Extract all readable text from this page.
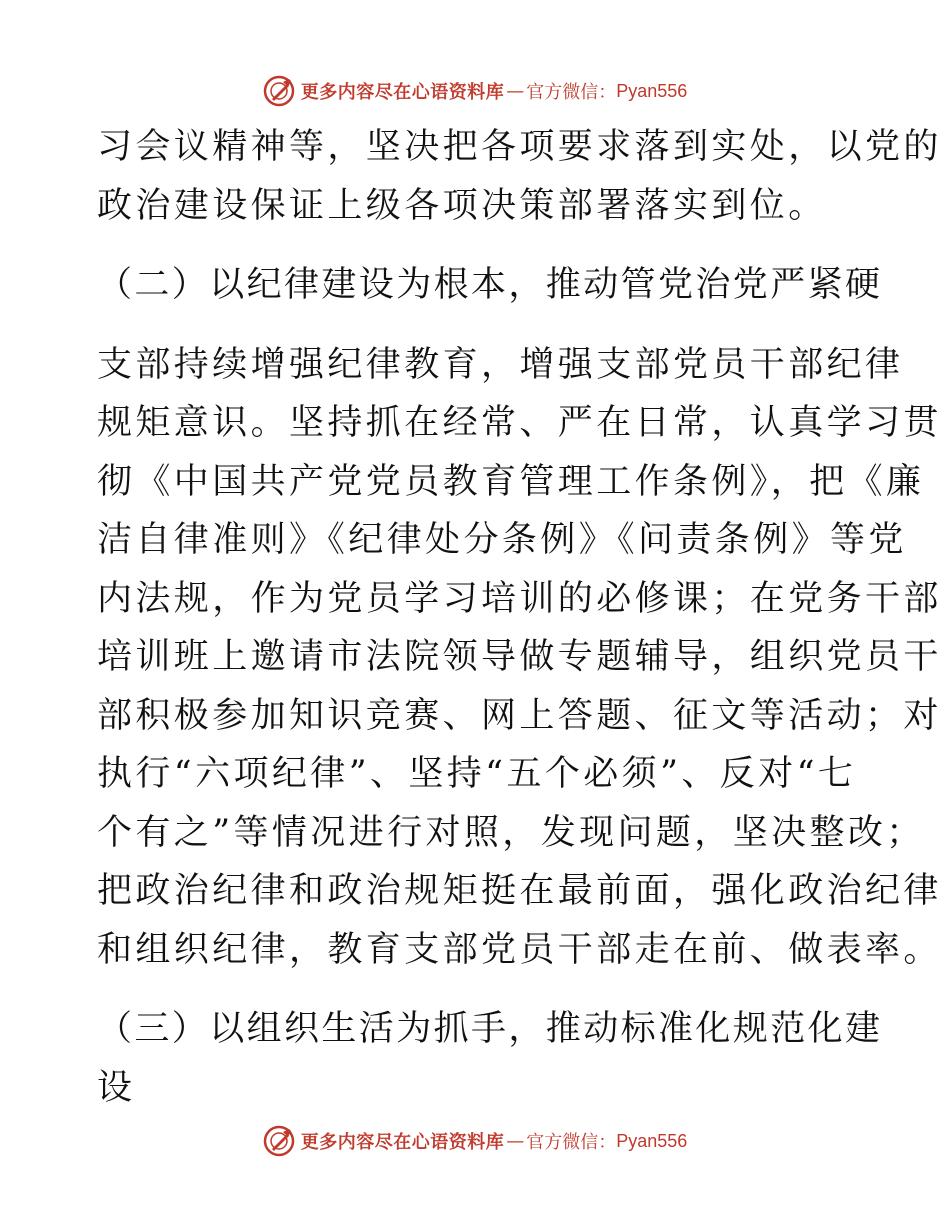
更多内容尽在心语资料库 — 官方微信： Pyan556
习会议精神等，坚决把各项要求落到实处，以党的
政治建设保证上级各项决策部署落实到位。
（二）以纪律建设为根本，推动管党治党严紧硬
支部持续增强纪律教育，增强支部党员干部纪律
规矩意识。坚持抓在经常、严在日常，认真学习贯
彻《中国共产党党员教育管理工作条例》，把《廉
洁自律准则》《纪律处分条例》《问责条例》等党
内法规，作为党员学习培训的必修课；在党务干部
培训班上邀请市法院领导做专题辅导，组织党员干
部积极参加知识竞赛、网上答题、征文等活动；对
执行“六项纪律”、坚持“五个必须”、反对“七
个有之”等情况进行对照，发现问题，坚决整改；
把政治纪律和政治规矩挺在最前面，强化政治纪律
和组织纪律，教育支部党员干部走在前、做表率。
（三）以组织生活为抓手，推动标准化规范化建
设
更多内容尽在心语资料库 — 官方微信： Pyan556
